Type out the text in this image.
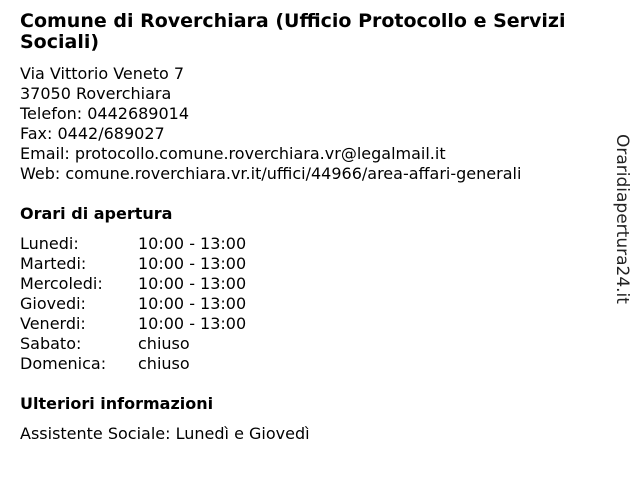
Comune di Roverchiara (Ufficio Protocollo e Servizi Sociali)
Via Vittorio Veneto 7
37050 Roverchiara
Telefon: 0442689014
Fax: 0442/689027
Email: protocollo.comune.roverchiara.vr@legalmail.it
Web: comune.roverchiara.vr.it/uffici/44966/area-affari-generali
Orari di apertura
Lunedi:	10:00 - 13:00
Martedi:	10:00 - 13:00
Mercoledi:	10:00 - 13:00
Giovedi:	10:00 - 13:00
Venerdi:	10:00 - 13:00
Sabato:	chiuso
Domenica:	chiuso
Ulteriori informazioni
Assistente Sociale: Lunedì e Giovedì
Oraridiapertura24.it
